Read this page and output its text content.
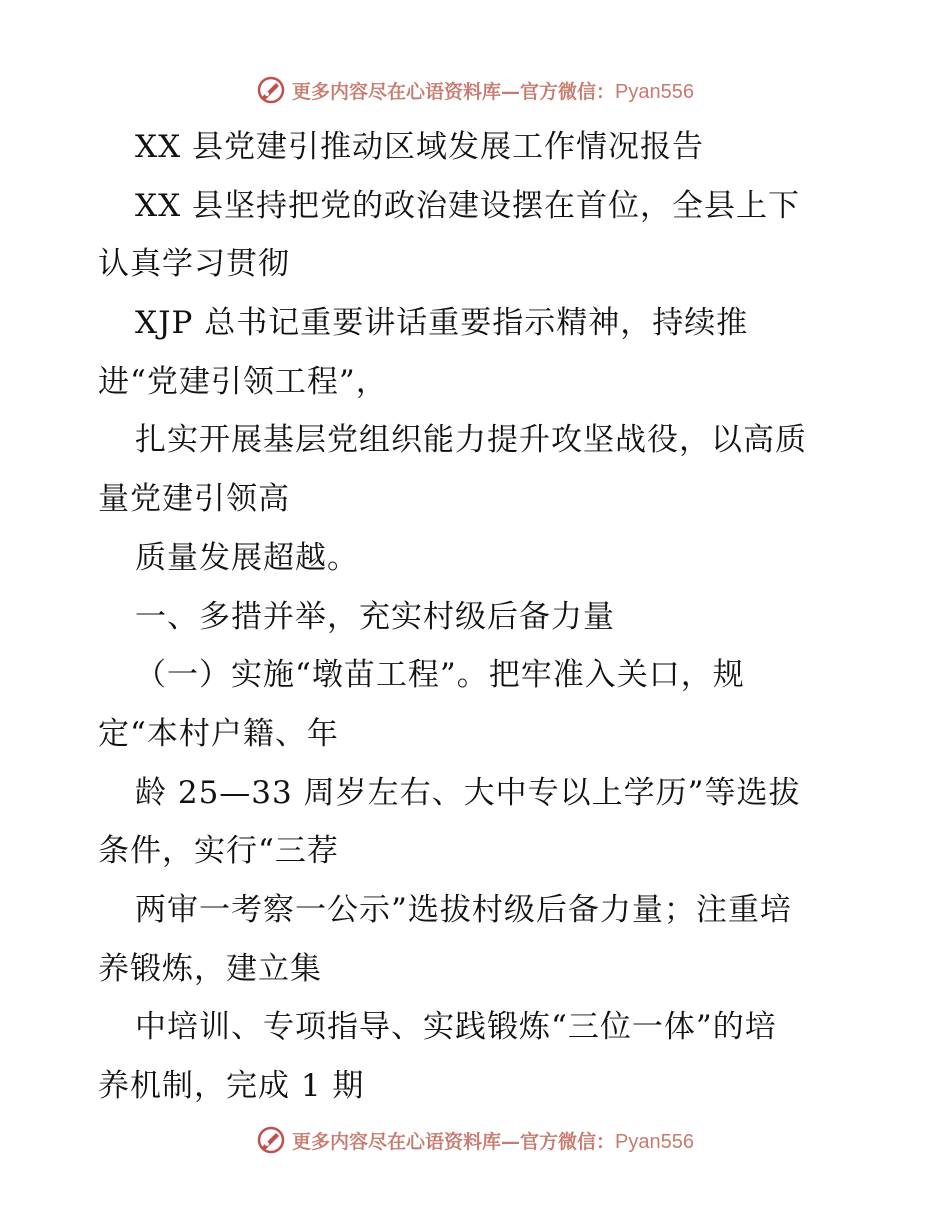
更多内容尽在心语资料库—官方微信：Pyan556
XX 县党建引推动区域发展工作情况报告
XX 县坚持把党的政治建设摆在首位，全县上下
认真学习贯彻
XJP 总书记重要讲话重要指示精神，持续推
进“党建引领工程”，
扎实开展基层党组织能力提升攻坚战役，以高质
量党建引领高
质量发展超越。
一、多措并举，充实村级后备力量
（一）实施“墩苗工程”。把牢准入关口，规
定“本村户籍、年
龄 25—33 周岁左右、大中专以上学历”等选拔
条件，实行“三荐
两审一考察一公示”选拔村级后备力量；注重培
养锻炼，建立集
中培训、专项指导、实践锻炼“三位一体”的培
养机制，完成 1 期
更多内容尽在心语资料库—官方微信：Pyan556
